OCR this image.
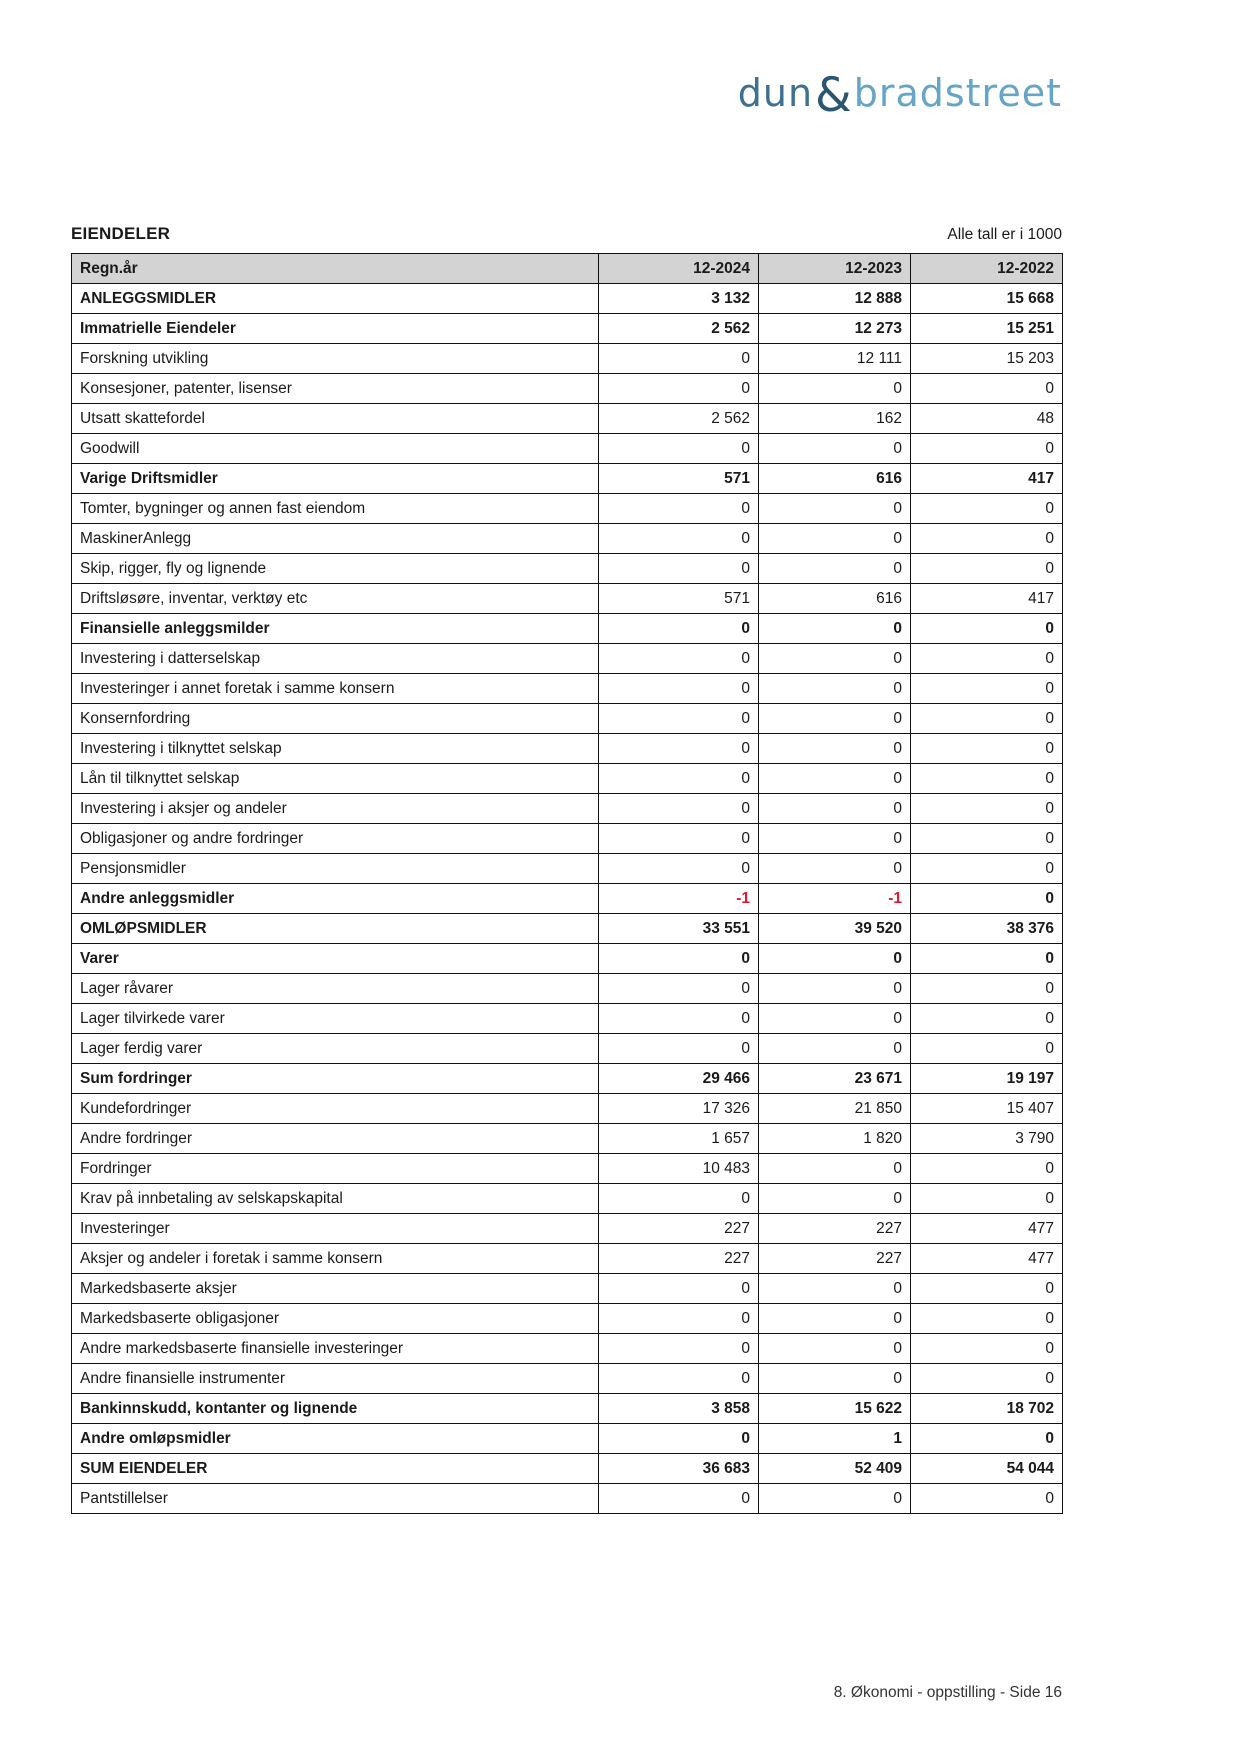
dun&bradstreet
EIENDELER	Alle tall er i 1000
Regn.år	12-2024	12-2023	12-2022
ANLEGGSMIDLER	3 132	12 888	15 668
Immatrielle Eiendeler	2 562	12 273	15 251
Forskning utvikling	0	12 111	15 203
Konsesjoner, patenter, lisenser	0	0	0
Utsatt skattefordel	2 562	162	48
Goodwill	0	0	0
Varige Driftsmidler	571	616	417
Tomter, bygninger og annen fast eiendom	0	0	0
MaskinerAnlegg	0	0	0
Skip, rigger, fly og lignende	0	0	0
Driftsløsøre, inventar, verktøy etc	571	616	417
Finansielle anleggsmilder	0	0	0
Investering i datterselskap	0	0	0
Investeringer i annet foretak i samme konsern	0	0	0
Konsernfordring	0	0	0
Investering i tilknyttet selskap	0	0	0
Lån til tilknyttet selskap	0	0	0
Investering i aksjer og andeler	0	0	0
Obligasjoner og andre fordringer	0	0	0
Pensjonsmidler	0	0	0
Andre anleggsmidler	-1	-1	0
OMLØPSMIDLER	33 551	39 520	38 376
Varer	0	0	0
Lager råvarer	0	0	0
Lager tilvirkede varer	0	0	0
Lager ferdig varer	0	0	0
Sum fordringer	29 466	23 671	19 197
Kundefordringer	17 326	21 850	15 407
Andre fordringer	1 657	1 820	3 790
Fordringer	10 483	0	0
Krav på innbetaling av selskapskapital	0	0	0
Investeringer	227	227	477
Aksjer og andeler i foretak i samme konsern	227	227	477
Markedsbaserte aksjer	0	0	0
Markedsbaserte obligasjoner	0	0	0
Andre markedsbaserte finansielle investeringer	0	0	0
Andre finansielle instrumenter	0	0	0
Bankinnskudd, kontanter og lignende	3 858	15 622	18 702
Andre omløpsmidler	0	1	0
SUM EIENDELER	36 683	52 409	54 044
Pantstillelser	0	0	0
8. Økonomi - oppstilling - Side 16
